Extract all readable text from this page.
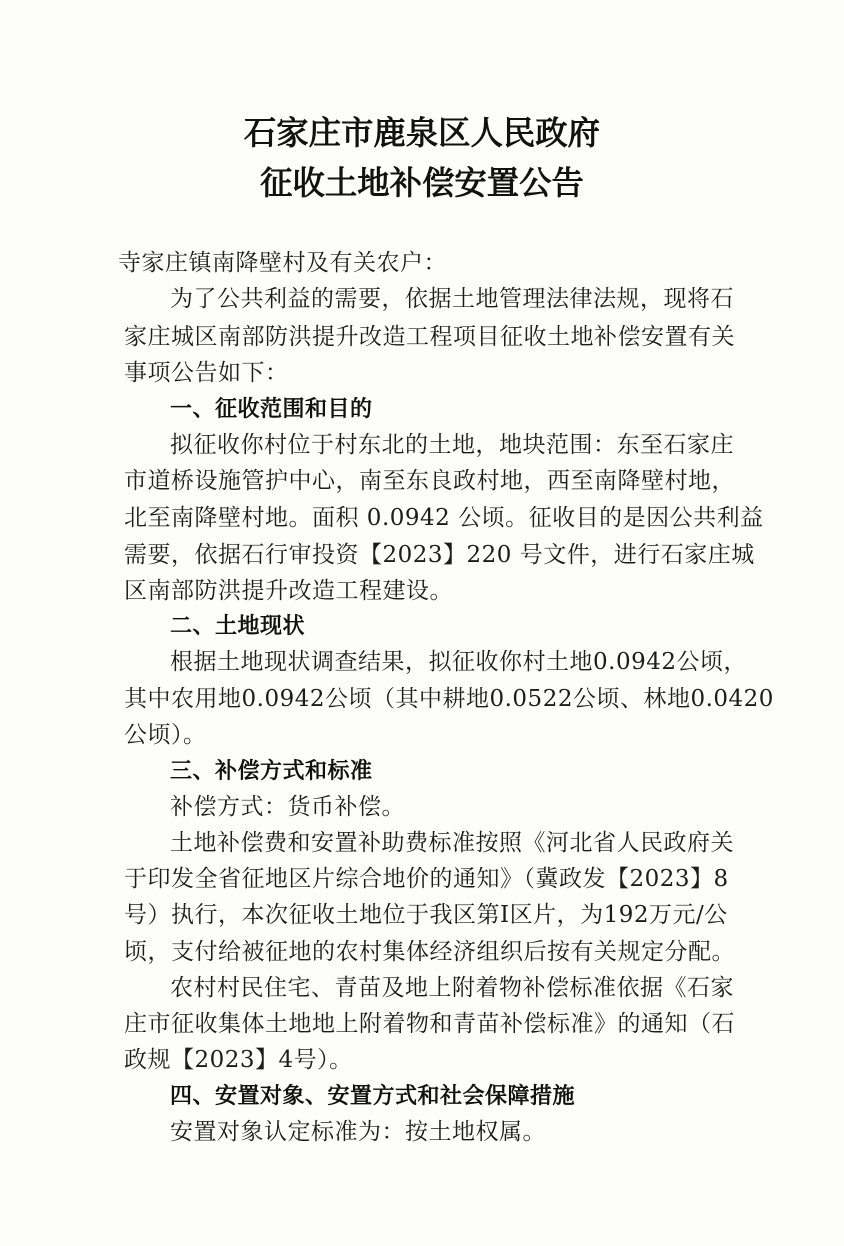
石家庄市鹿泉区人民政府
征收土地补偿安置公告
寺家庄镇南降壁村及有关农户：
为了公共利益的需要，依据土地管理法律法规，现将石
家庄城区南部防洪提升改造工程项目征收土地补偿安置有关
事项公告如下：
一、征收范围和目的
拟征收你村位于村东北的土地，地块范围：东至石家庄
市道桥设施管护中心，南至东良政村地，西至南降壁村地，
北至南降壁村地。面积 0.0942 公顷。征收目的是因公共利益
需要，依据石行审投资【2023】220 号文件，进行石家庄城
区南部防洪提升改造工程建设。
二、土地现状
根据土地现状调查结果，拟征收你村土地0.0942公顷，
其中农用地0.0942公顷（其中耕地0.0522公顷、林地0.0420
公顷）。
三、补偿方式和标准
补偿方式：货币补偿。
土地补偿费和安置补助费标准按照《河北省人民政府关
于印发全省征地区片综合地价的通知》（冀政发【2023】8
号）执行，本次征收土地位于我区第Ⅰ区片，为192万元/公
顷，支付给被征地的农村集体经济组织后按有关规定分配。
农村村民住宅、青苗及地上附着物补偿标准依据《石家
庄市征收集体土地地上附着物和青苗补偿标准》的通知（石
政规【2023】4号）。
四、安置对象、安置方式和社会保障措施
安置对象认定标准为：按土地权属。
